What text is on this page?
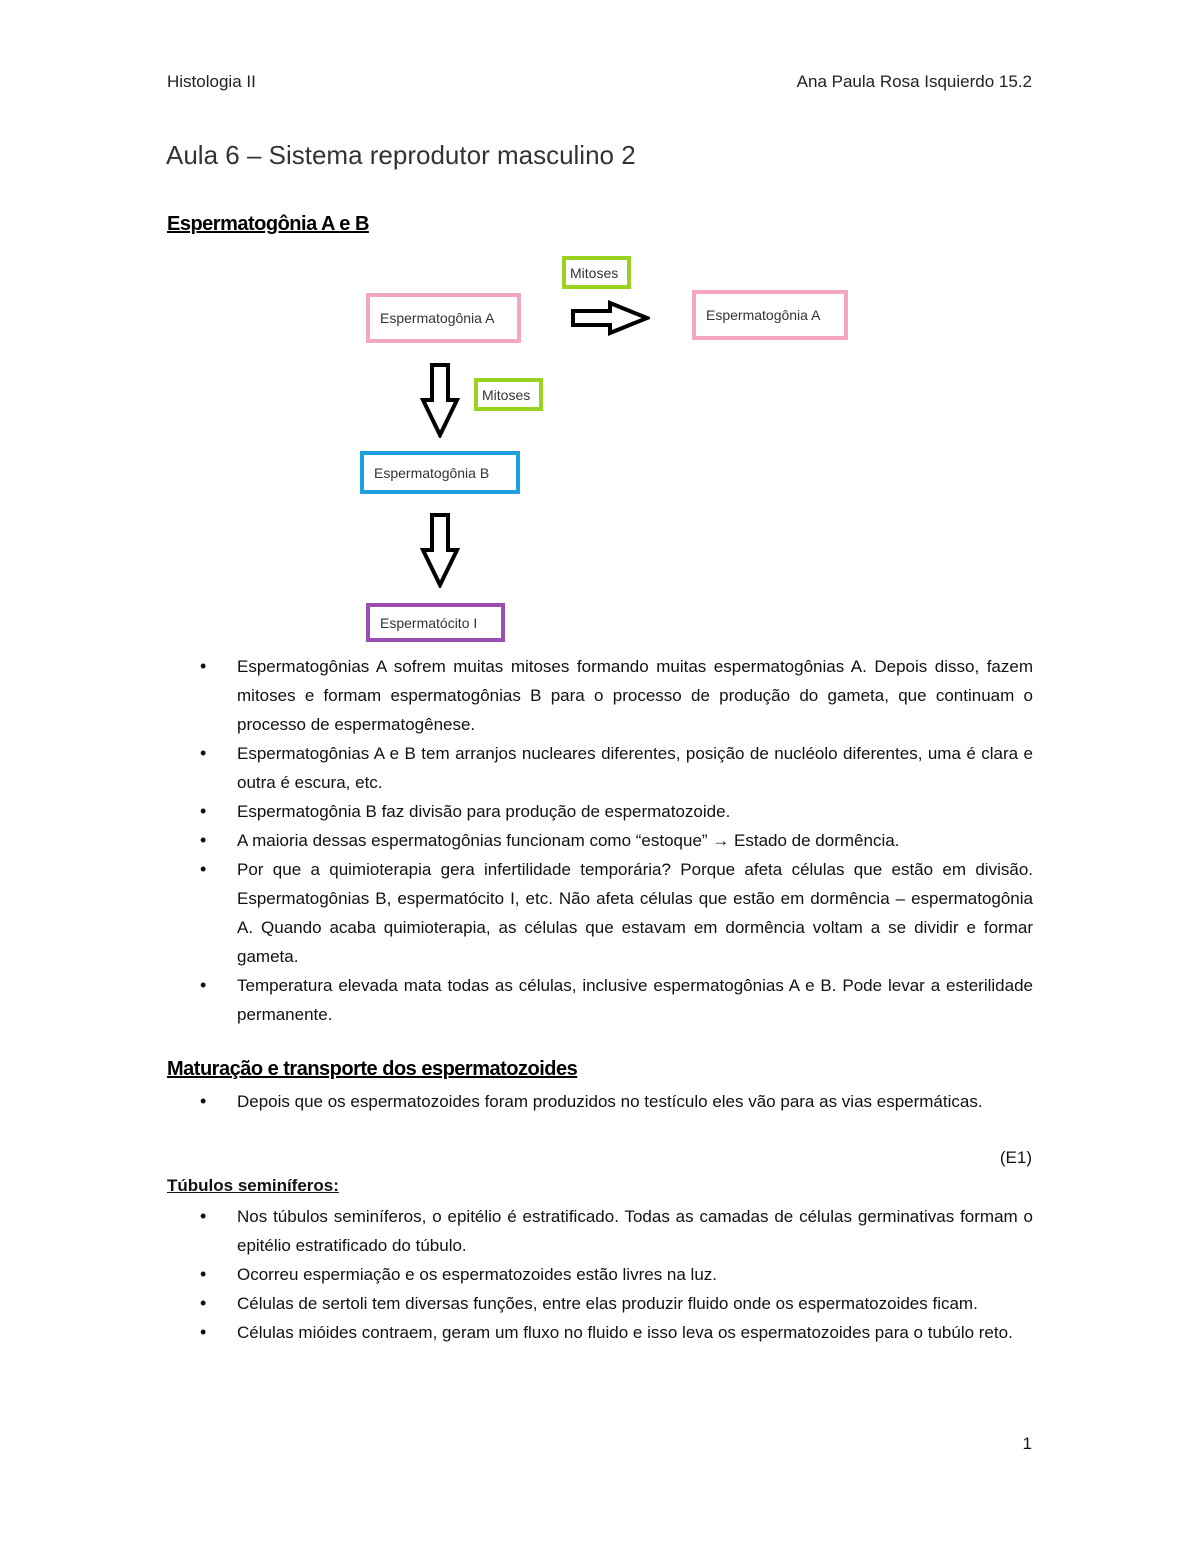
Histologia II	Ana Paula Rosa Isquierdo 15.2
Aula 6 – Sistema reprodutor masculino 2
Espermatogônia A e B
Mitoses
Espermatogônia A	Espermatogônia A
Mitoses
Espermatogônia B
Espermatócito I
• Espermatogônias A sofrem muitas mitoses formando muitas espermatogônias A. Depois disso, fazem mitoses e formam espermatogônias B para o processo de produção do gameta, que continuam o processo de espermatogênese.
• Espermatogônias A e B tem arranjos nucleares diferentes, posição de nucléolo diferentes, uma é clara e outra é escura, etc.
• Espermatogônia B faz divisão para produção de espermatozoide.
• A maioria dessas espermatogônias funcionam como “estoque” → Estado de dormência.
• Por que a quimioterapia gera infertilidade temporária? Porque afeta células que estão em divisão. Espermatogônias B, espermatócito I, etc. Não afeta células que estão em dormência – espermatogônia A. Quando acaba quimioterapia, as células que estavam em dormência voltam a se dividir e formar gameta.
• Temperatura elevada mata todas as células, inclusive espermatogônias A e B. Pode levar a esterilidade permanente.
Maturação e transporte dos espermatozoides
• Depois que os espermatozoides foram produzidos no testículo eles vão para as vias espermáticas.
(E1)
Túbulos seminíferos:
• Nos túbulos seminíferos, o epitélio é estratificado. Todas as camadas de células germinativas formam o epitélio estratificado do túbulo.
• Ocorreu espermiação e os espermatozoides estão livres na luz.
• Células de sertoli tem diversas funções, entre elas produzir fluido onde os espermatozoides ficam.
• Células mióides contraem, geram um fluxo no fluido e isso leva os espermatozoides para o tubúlo reto.
1
